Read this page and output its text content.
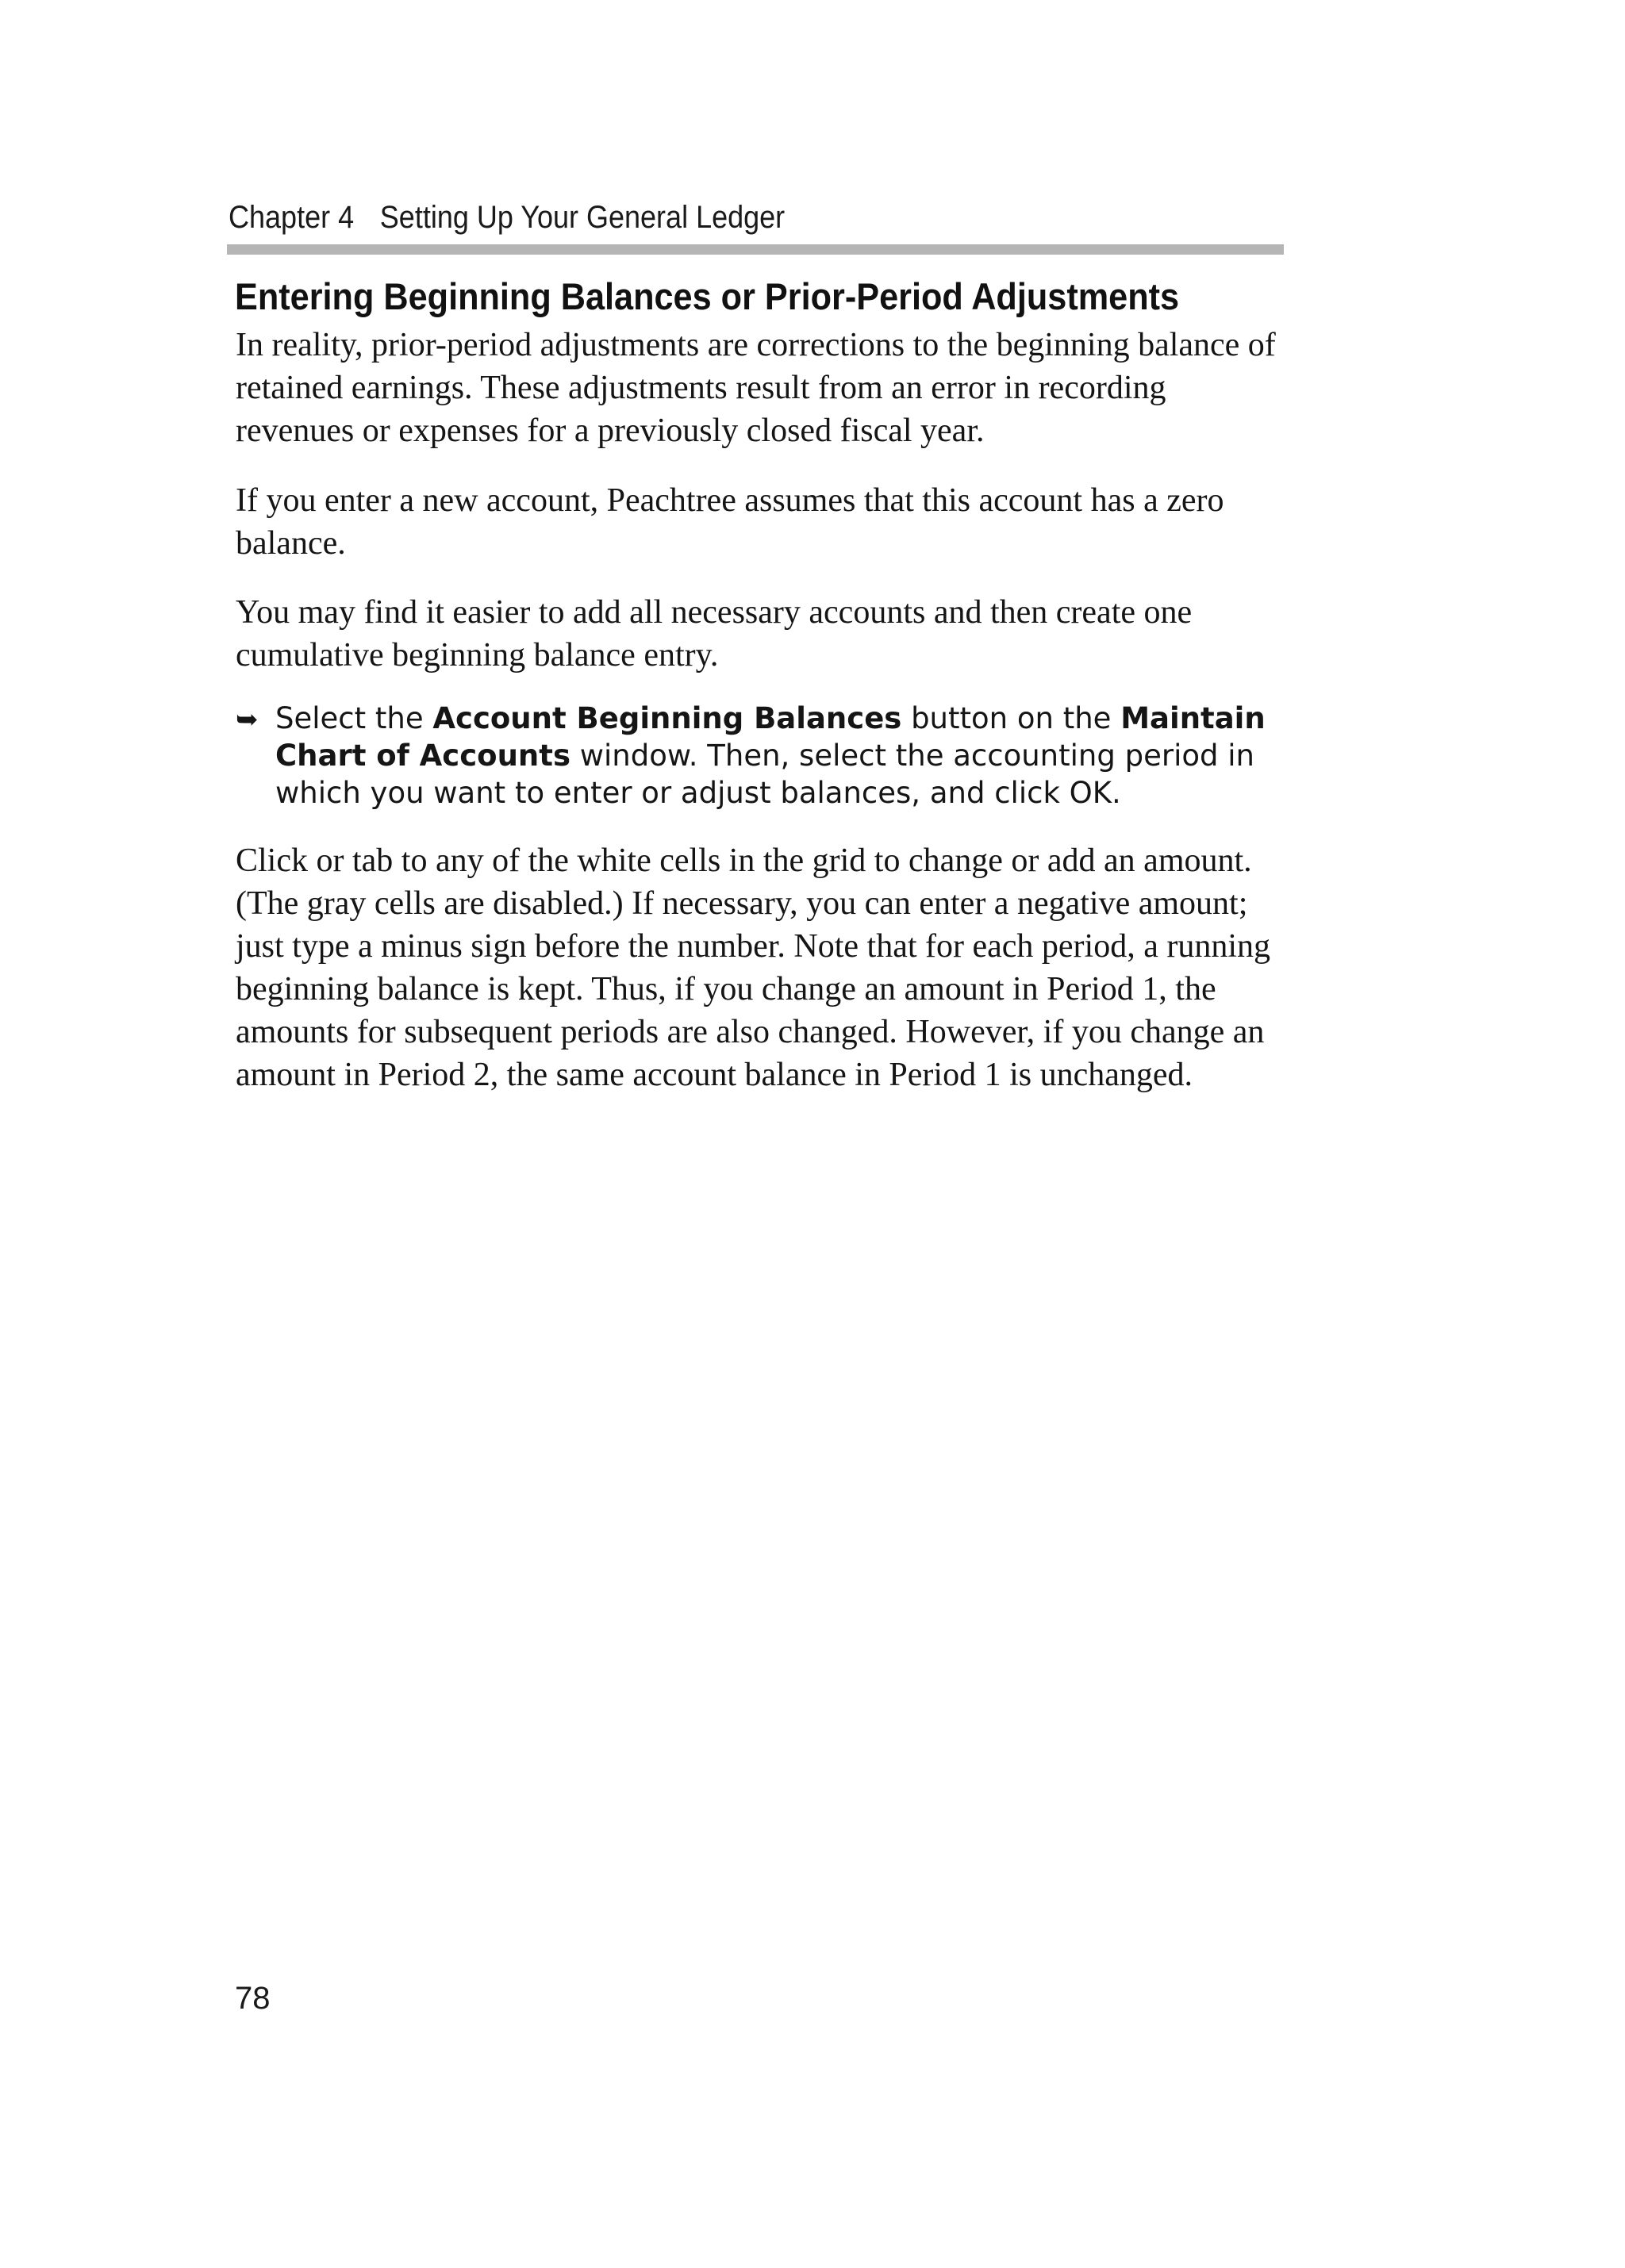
Chapter 4 Setting Up Your General Ledger
Entering Beginning Balances or Prior-Period Adjustments

In reality, prior-period adjustments are corrections to the beginning balance of retained earnings. These adjustments result from an error in recording revenues or expenses for a previously closed fiscal year.

If you enter a new account, Peachtree assumes that this account has a zero balance.

You may find it easier to add all necessary accounts and then create one cumulative beginning balance entry.

➥ Select the Account Beginning Balances button on the Maintain Chart of Accounts window. Then, select the accounting period in which you want to enter or adjust balances, and click OK.

Click or tab to any of the white cells in the grid to change or add an amount. (The gray cells are disabled.) If necessary, you can enter a negative amount; just type a minus sign before the number. Note that for each period, a running beginning balance is kept. Thus, if you change an amount in Period 1, the amounts for subsequent periods are also changed. However, if you change an amount in Period 2, the same account balance in Period 1 is unchanged.

78
